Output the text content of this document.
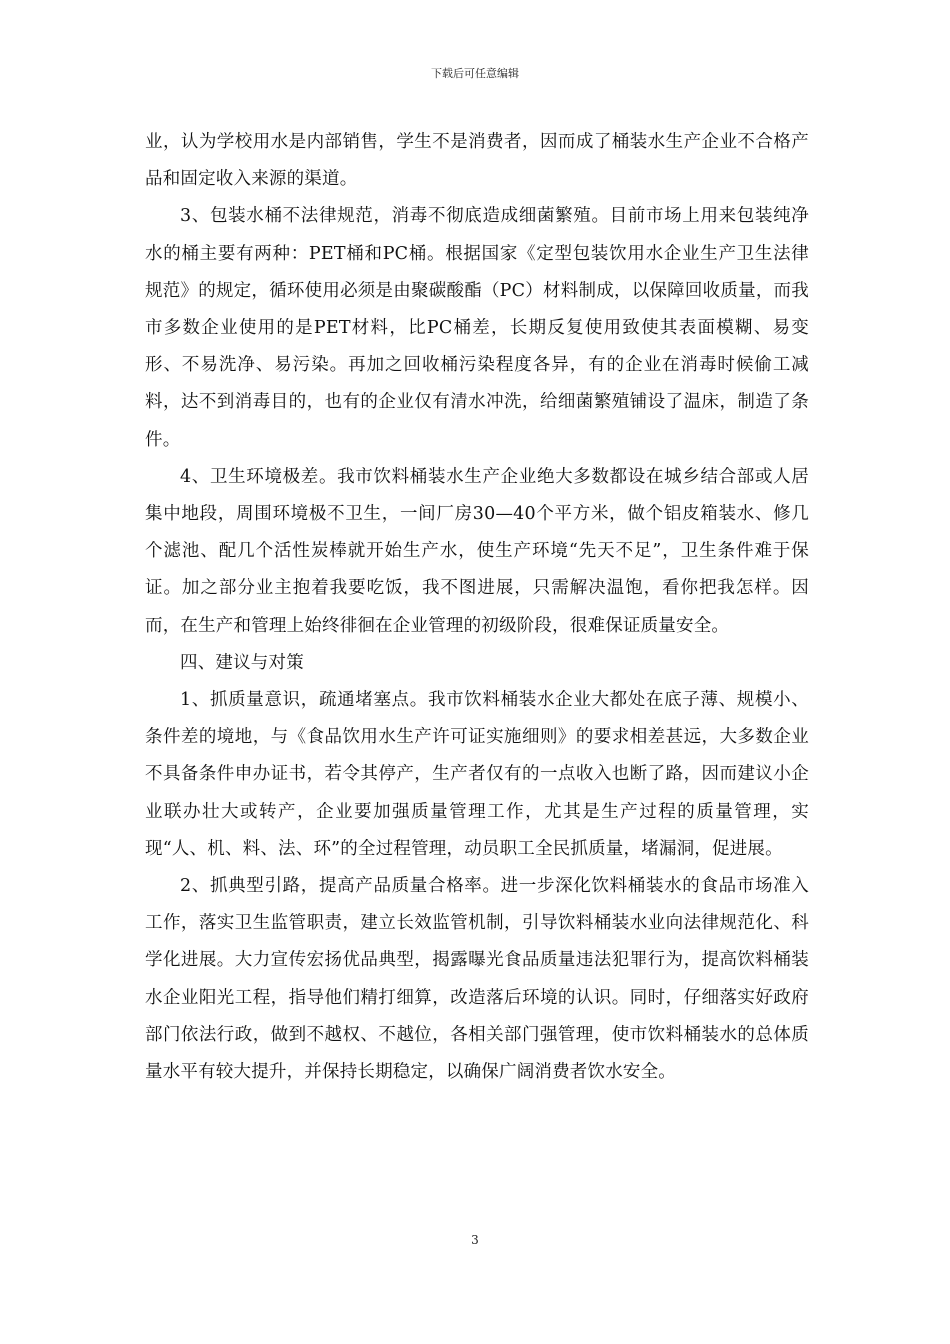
下载后可任意编辑

业，认为学校用水是内部销售，学生不是消费者，因而成了桶装水生产企业不合格产品和固定收入来源的渠道。

3、包装水桶不法律规范，消毒不彻底造成细菌繁殖。目前市场上用来包装纯净水的桶主要有两种：PET桶和PC桶。根据国家《定型包装饮用水企业生产卫生法律规范》的规定，循环使用必须是由聚碳酸酯（PC）材料制成，以保障回收质量，而我市多数企业使用的是PET材料，比PC桶差，长期反复使用致使其表面模糊、易变形、不易洗净、易污染。再加之回收桶污染程度各异，有的企业在消毒时候偷工减料，达不到消毒目的，也有的企业仅有清水冲洗，给细菌繁殖铺设了温床，制造了条件。

4、卫生环境极差。我市饮料桶装水生产企业绝大多数都设在城乡结合部或人居集中地段，周围环境极不卫生，一间厂房30—40个平方米，做个铝皮箱装水、修几个滤池、配几个活性炭棒就开始生产水，使生产环境“先天不足”，卫生条件难于保证。加之部分业主抱着我要吃饭，我不图进展，只需解决温饱，看你把我怎样。因而，在生产和管理上始终徘徊在企业管理的初级阶段，很难保证质量安全。

四、建议与对策

1、抓质量意识，疏通堵塞点。我市饮料桶装水企业大都处在底子薄、规模小、条件差的境地，与《食品饮用水生产许可证实施细则》的要求相差甚远，大多数企业不具备条件申办证书，若令其停产，生产者仅有的一点收入也断了路，因而建议小企业联办壮大或转产，企业要加强质量管理工作，尤其是生产过程的质量管理，实现“人、机、料、法、环”的全过程管理，动员职工全民抓质量，堵漏洞，促进展。

2、抓典型引路，提高产品质量合格率。进一步深化饮料桶装水的食品市场准入工作，落实卫生监管职责，建立长效监管机制，引导饮料桶装水业向法律规范化、科学化进展。大力宣传宏扬优品典型，揭露曝光食品质量违法犯罪行为，提高饮料桶装水企业阳光工程，指导他们精打细算，改造落后环境的认识。同时，仔细落实好政府部门依法行政，做到不越权、不越位，各相关部门强管理，使市饮料桶装水的总体质量水平有较大提升，并保持长期稳定，以确保广阔消费者饮水安全。

3
